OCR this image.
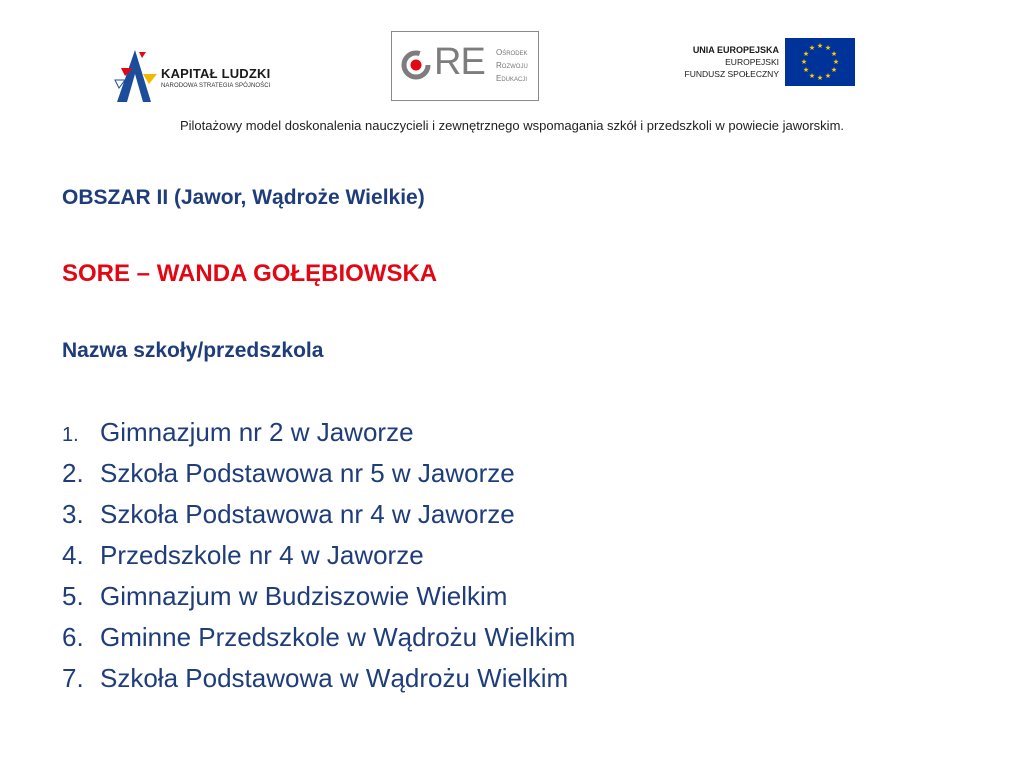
KAPITAŁ LUDZKI
NARODOWA STRATEGIA SPÓJNOŚCI
RE Ośrodek
Rozwoju
Edukacji
UNIA EUROPEJSKA
EUROPEJSKI
FUNDUSZ SPOŁECZNY
★ ★
★
★
★
★
★
★
★
★
★
★
Pilotażowy model doskonalenia nauczycieli i zewnętrznego wspomagania szkół i przedszkoli w powiecie jaworskim.
OBSZAR II (Jawor, Wądroże Wielkie)
SORE – WANDA GOŁĘBIOWSKA
Nazwa szkoły/przedszkola
1. Gimnazjum nr 2 w Jaworze
2. Szkoła Podstawowa nr 5 w Jaworze
3. Szkoła Podstawowa nr 4 w Jaworze
4. Przedszkole nr 4 w Jaworze
5. Gimnazjum w Budziszowie Wielkim
6. Gminne Przedszkole w Wądrożu Wielkim
7. Szkoła Podstawowa w Wądrożu Wielkim
